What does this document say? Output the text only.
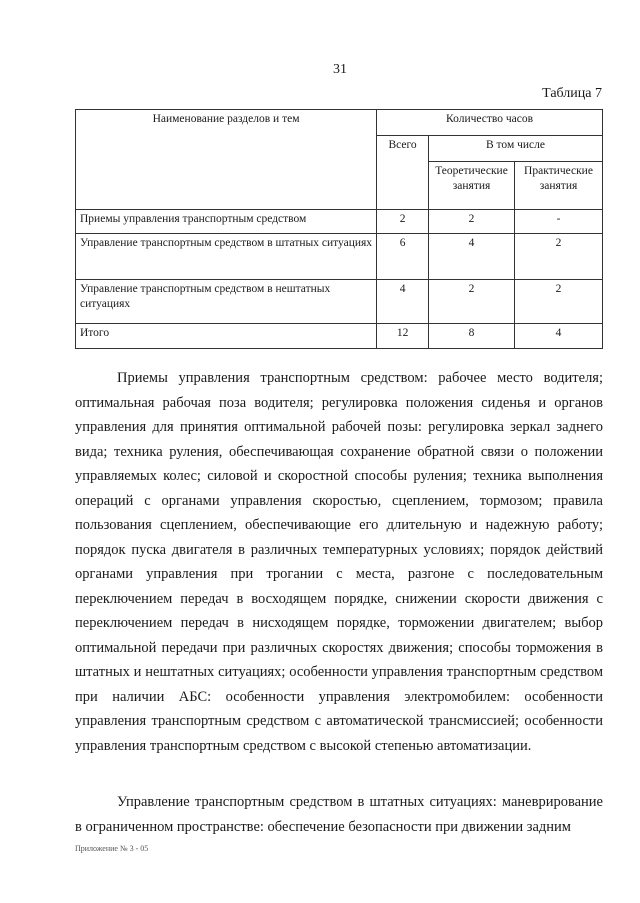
31
Таблица 7
Наименование разделов и тем	Количество часов		
	Всего	В том числе	
		Теоретические занятия	Практические занятия
Приемы управления транспортным средством	2	2	-
Управление транспортным средством в штатных ситуациях	6	4	2
Управление транспортным средством в нештатных ситуациях	4	2	2
Итого	12	8	4

Приемы управления транспортным средством: рабочее место водителя; оптимальная рабочая поза водителя; регулировка положения сиденья и органов управления для принятия оптимальной рабочей позы: регулировка зеркал заднего вида; техника руления, обеспечивающая сохранение обратной связи о положении управляемых колес; силовой и скоростной способы руления; техника выполнения операций с органами управления скоростью, сцеплением, тормозом; правила пользования сцеплением, обеспечивающие его длительную и надежную работу; порядок пуска двигателя в различных температурных условиях; порядок действий органами управления при трогании с места, разгоне с последовательным переключением передач в восходящем порядке, снижении скорости движения с переключением передач в нисходящем порядке, торможении двигателем; выбор оптимальной передачи при различных скоростях движения; способы торможения в штатных и нештатных ситуациях; особенности управления транспортным средством при наличии АБС: особенности управления электромобилем: особенности управления транспортным средством с автоматической трансмиссией; особенности управления транспортным средством с высокой степенью автоматизации.

Управление транспортным средством в штатных ситуациях: маневрирование в ограниченном пространстве: обеспечение безопасности при движении задним

Приложение № 3 - 05
